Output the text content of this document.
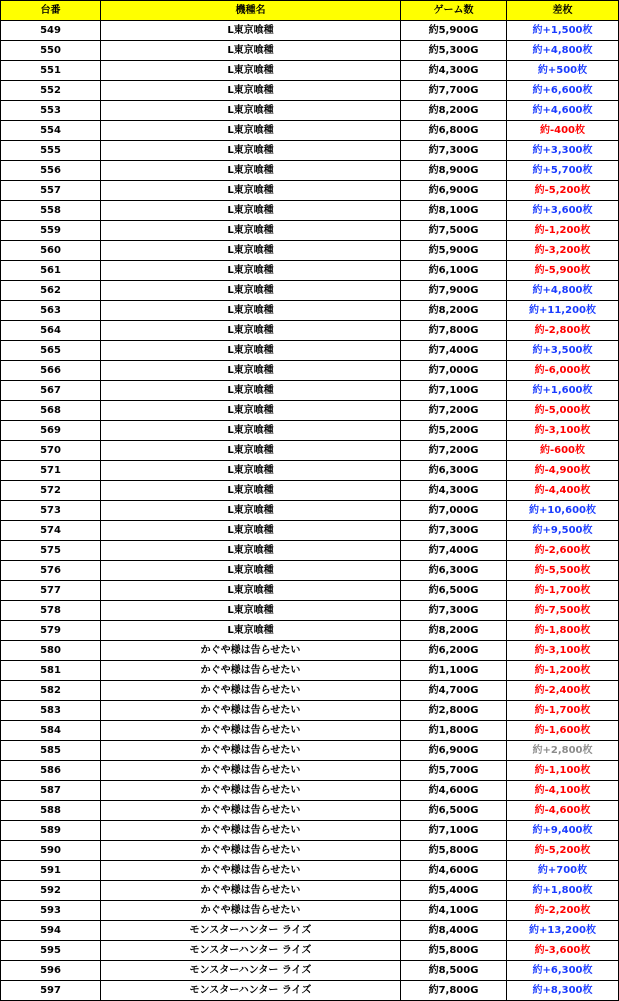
台番	機種名	ゲーム数	差枚
549	L東京喰種	約5,900G	約+1,500枚
550	L東京喰種	約5,300G	約+4,800枚
551	L東京喰種	約4,300G	約+500枚
552	L東京喰種	約7,700G	約+6,600枚
553	L東京喰種	約8,200G	約+4,600枚
554	L東京喰種	約6,800G	約-400枚
555	L東京喰種	約7,300G	約+3,300枚
556	L東京喰種	約8,900G	約+5,700枚
557	L東京喰種	約6,900G	約-5,200枚
558	L東京喰種	約8,100G	約+3,600枚
559	L東京喰種	約7,500G	約-1,200枚
560	L東京喰種	約5,900G	約-3,200枚
561	L東京喰種	約6,100G	約-5,900枚
562	L東京喰種	約7,900G	約+4,800枚
563	L東京喰種	約8,200G	約+11,200枚
564	L東京喰種	約7,800G	約-2,800枚
565	L東京喰種	約7,400G	約+3,500枚
566	L東京喰種	約7,000G	約-6,000枚
567	L東京喰種	約7,100G	約+1,600枚
568	L東京喰種	約7,200G	約-5,000枚
569	L東京喰種	約5,200G	約-3,100枚
570	L東京喰種	約7,200G	約-600枚
571	L東京喰種	約6,300G	約-4,900枚
572	L東京喰種	約4,300G	約-4,400枚
573	L東京喰種	約7,000G	約+10,600枚
574	L東京喰種	約7,300G	約+9,500枚
575	L東京喰種	約7,400G	約-2,600枚
576	L東京喰種	約6,300G	約-5,500枚
577	L東京喰種	約6,500G	約-1,700枚
578	L東京喰種	約7,300G	約-7,500枚
579	L東京喰種	約8,200G	約-1,800枚
580	かぐや様は告らせたい	約6,200G	約-3,100枚
581	かぐや様は告らせたい	約1,100G	約-1,200枚
582	かぐや様は告らせたい	約4,700G	約-2,400枚
583	かぐや様は告らせたい	約2,800G	約-1,700枚
584	かぐや様は告らせたい	約1,800G	約-1,600枚
585	かぐや様は告らせたい	約6,900G	約+2,800枚
586	かぐや様は告らせたい	約5,700G	約-1,100枚
587	かぐや様は告らせたい	約4,600G	約-4,100枚
588	かぐや様は告らせたい	約6,500G	約-4,600枚
589	かぐや様は告らせたい	約7,100G	約+9,400枚
590	かぐや様は告らせたい	約5,800G	約-5,200枚
591	かぐや様は告らせたい	約4,600G	約+700枚
592	かぐや様は告らせたい	約5,400G	約+1,800枚
593	かぐや様は告らせたい	約4,100G	約-2,200枚
594	モンスターハンター ライズ	約8,400G	約+13,200枚
595	モンスターハンター ライズ	約5,800G	約-3,600枚
596	モンスターハンター ライズ	約8,500G	約+6,300枚
597	モンスターハンター ライズ	約7,800G	約+8,300枚
